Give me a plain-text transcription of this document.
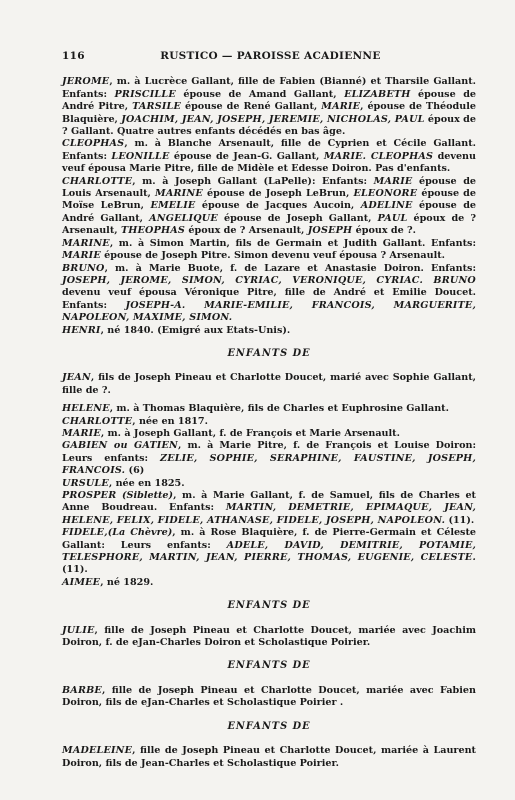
116	RUSTICO — PAROISSE ACADIENNE

JEROME, m. à Lucrèce Gallant, fille de Fabien (Bianné) et Tharsile Gallant. Enfants: PRISCILLE épouse de Amand Gallant, ELIZABETH épouse de André Pitre, TARSILE épouse de René Gallant, MARIE, épouse de Théodule Blaquière, JOACHIM, JEAN, JOSEPH, JEREMIE, NICHOLAS, PAUL époux de ? Gallant. Quatre autres enfants décédés en bas âge.

CLEOPHAS, m. à Blanche Arsenault, fille de Cyprien et Cécile Gallant. Enfants: LEONILLE épouse de Jean-G. Gallant, MARIE. CLEOPHAS devenu veuf épousa Marie Pitre, fille de Midèle et Edesse Doiron. Pas d'enfants.

CHARLOTTE, m. à Joseph Gallant (LaPelle): Enfants: MARIE épouse de Louis Arsenault, MARINE épouse de Joseph LeBrun, ELEONORE épouse de Moïse LeBrun, EMELIE épouse de Jacques Aucoin, ADELINE épouse de André Gallant, ANGELIQUE épouse de Joseph Gallant, PAUL époux de ? Arsenault, THEOPHAS époux de ? Arsenault, JOSEPH époux de ?.

MARINE, m. à Simon Martin, fils de Germain et Judith Gallant. Enfants: MARIE épouse de Joseph Pitre. Simon devenu veuf épousa ? Arsenault.

BRUNO, m. à Marie Buote, f. de Lazare et Anastasie Doiron. Enfants: JOSEPH, JEROME, SIMON, CYRIAC, VERONIQUE, CYRIAC. BRUNO devenu veuf épousa Véronique Pitre, fille de André et Emilie Doucet. Enfants: JOSEPH-A. MARIE-EMILIE, FRANCOIS, MARGUERITE, NAPOLEON, MAXIME, SIMON.

HENRI, né 1840. (Emigré aux Etats-Unis).

ENFANTS DE

JEAN, fils de Joseph Pineau et Charlotte Doucet, marié avec Sophie Gallant, fille de ?.

HELENE, m. à Thomas Blaquière, fils de Charles et Euphrosine Gallant.

CHARLOTTE, née en 1817.

MARIE, m. à Joseph Gallant, f. de François et Marie Arsenault.

GABIEN ou GATIEN, m. à Marie Pitre, f. de François et Louise Doiron: Leurs enfants: ZELIE, SOPHIE, SERAPHINE, FAUSTINE, JOSEPH, FRANCOIS. (6)

URSULE, née en 1825.

PROSPER (Siblette), m. à Marie Gallant, f. de Samuel, fils de Charles et Anne Boudreau. Enfants: MARTIN, DEMETRIE, EPIMAQUE, JEAN, HELENE, FELIX, FIDELE, ATHANASE, FIDELE, JOSEPH, NAPOLEON. (11).

FIDELE,(La Chèvre), m. à Rose Blaquière, f. de Pierre-Germain et Céleste Gallant: Leurs enfants: ADELE, DAVID, DEMITRIE, POTAMIE, TELESPHORE, MARTIN, JEAN, PIERRE, THOMAS, EUGENIE, CELESTE. (11).

AIMEE, né 1829.

ENFANTS DE

JULIE, fille de Joseph Pineau et Charlotte Doucet, mariée avec Joachim Doiron, f. de eJan-Charles Doiron et Scholastique Poirier.

ENFANTS DE

BARBE, fille de Joseph Pineau et Charlotte Doucet, mariée avec Fabien Doiron, fils de eJan-Charles et Scholastique Poirier .

ENFANTS DE

MADELEINE, fille de Joseph Pineau et Charlotte Doucet, mariée à Laurent Doiron, fils de Jean-Charles et Scholastique Poirier.
